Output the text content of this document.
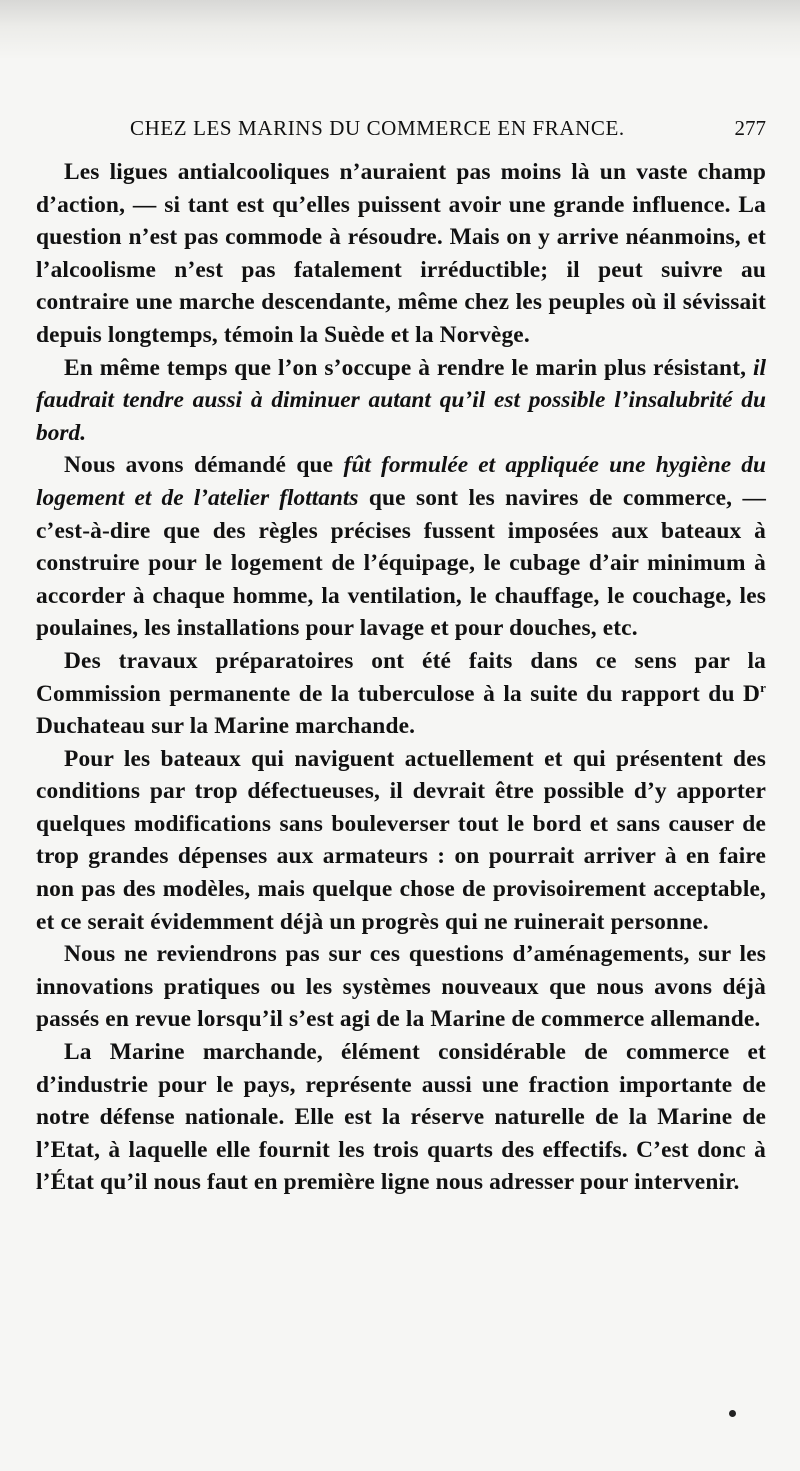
CHEZ LES MARINS DU COMMERCE EN FRANCE.	277

Les ligues antialcooliques n’auraient pas moins là un vaste champ d’action, — si tant est qu’elles puissent avoir une grande influence. La question n’est pas commode à résoudre. Mais on y arrive néanmoins, et l’alcoolisme n’est pas fatalement irréductible; il peut suivre au contraire une marche descendante, même chez les peuples où il sévissait depuis longtemps, témoin la Suède et la Norvège.

En même temps que l’on s’occupe à rendre le marin plus résistant, il faudrait tendre aussi à diminuer autant qu’il est possible l’insalubrité du bord.

Nous avons démandé que fût formulée et appliquée une hygiène du logement et de l’atelier flottants que sont les navires de commerce, — c’est-à-dire que des règles précises fussent imposées aux bateaux à construire pour le logement de l’équipage, le cubage d’air minimum à accorder à chaque homme, la ventilation, le chauffage, le couchage, les poulaines, les installations pour lavage et pour douches, etc.

Des travaux préparatoires ont été faits dans ce sens par la Commission permanente de la tuberculose à la suite du rapport du $D^r$ Duchateau sur la Marine marchande.

Pour les bateaux qui naviguent actuellement et qui présentent des conditions par trop défectueuses, il devrait être possible d’y apporter quelques modifications sans bouleverser tout le bord et sans causer de trop grandes dépenses aux armateurs : on pourrait arriver à en faire non pas des modèles, mais quelque chose de provisoirement acceptable, et ce serait évidemment déjà un progrès qui ne ruinerait personne.

Nous ne reviendrons pas sur ces questions d’aménagements, sur les innovations pratiques ou les systèmes nouveaux que nous avons déjà passés en revue lorsqu’il s’est agi de la Marine de commerce allemande.

La Marine marchande, élément considérable de commerce et d’industrie pour le pays, représente aussi une fraction importante de notre défense nationale. Elle est la réserve naturelle de la Marine de l’Etat, à laquelle elle fournit les trois quarts des effectifs. C’est donc à l’État qu’il nous faut en première ligne nous adresser pour intervenir.
